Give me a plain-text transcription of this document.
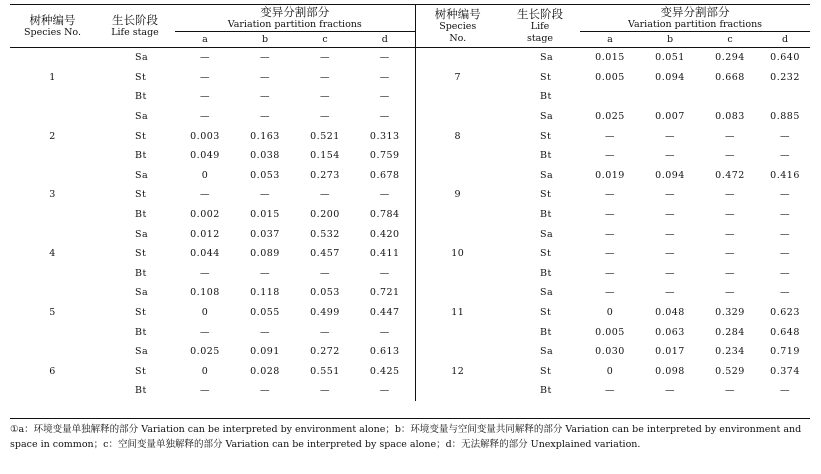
树种编号
Species No.	生长阶段
Life stage	变异分割部分
Variation partition fractions				树种编号
Species
No.	生长阶段
Life
stage	变异分割部分
Variation partition fractions			

		a	b	c	d			a	b	c	d
	Sa	—	—	—	—		Sa	0.015	0.051	0.294	0.640
1	St	—	—	—	—	7	St	0.005	0.094	0.668	0.232
	Bt	—	—	—	—		Bt				
	Sa	—	—	—	—		Sa	0.025	0.007	0.083	0.885
2	St	0.003	0.163	0.521	0.313	8	St	—	—	—	—
	Bt	0.049	0.038	0.154	0.759		Bt	—	—	—	—
	Sa	0	0.053	0.273	0.678		Sa	0.019	0.094	0.472	0.416
3	St	—	—	—	—	9	St	—	—	—	—
	Bt	0.002	0.015	0.200	0.784		Bt	—	—	—	—
	Sa	0.012	0.037	0.532	0.420		Sa	—	—	—	—
4	St	0.044	0.089	0.457	0.411	10	St	—	—	—	—
	Bt	—	—	—	—		Bt	—	—	—	—
	Sa	0.108	0.118	0.053	0.721		Sa	—	—	—	—
5	St	0	0.055	0.499	0.447	11	St	0	0.048	0.329	0.623
	Bt	—	—	—	—		Bt	0.005	0.063	0.284	0.648
	Sa	0.025	0.091	0.272	0.613		Sa	0.030	0.017	0.234	0.719
6	St	0	0.028	0.551	0.425	12	St	0	0.098	0.529	0.374
	Bt	—	—	—	—		Bt	—	—	—	—
①a：环境变量单独解释的部分 Variation can be interpreted by environment alone；b：环境变量与空间变量共同解释的部分 Variation can be interpreted by environment and space in common；c：空间变量单独解释的部分 Variation can be interpreted by space alone；d：无法解释的部分 Unexplained variation.
